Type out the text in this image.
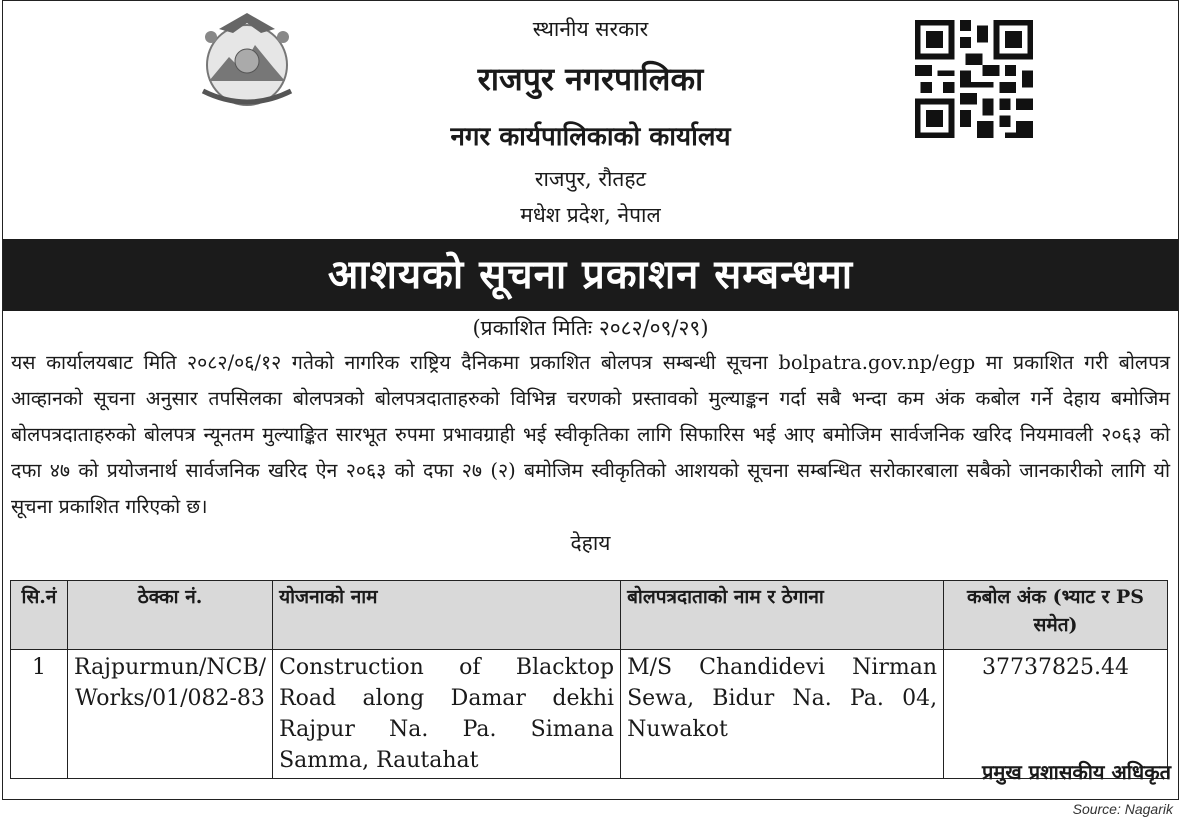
स्थानीय सरकार
राजपुर नगरपालिका
नगर कार्यपालिकाको कार्यालय
राजपुर, रौतहट
मधेश प्रदेश, नेपाल
आशयको सूचना प्रकाशन सम्बन्धमा
(प्रकाशित मितिः २०८२/०९/२९)

यस कार्यालयबाट मिति २०८२/०६/१२ गतेको नागरिक राष्ट्रिय दैनिकमा प्रकाशित बोलपत्र सम्बन्धी सूचना bolpatra.gov.np/egp मा प्रकाशित गरी बोलपत्र आव्हानको सूचना अनुसार तपसिलका बोलपत्रको बोलपत्रदाताहरुको विभिन्न चरणको प्रस्तावको मुल्याङ्कन गर्दा सबै भन्दा कम अंक कबोल गर्ने देहाय बमोजिम बोलपत्रदाताहरुको बोलपत्र न्यूनतम मुल्याङ्कित सारभूत रुपमा प्रभावग्राही भई स्वीकृतिका लागि सिफारिस भई आए बमोजिम सार्वजनिक खरिद नियमावली २०६३ को दफा ४७ को प्रयोजनार्थ सार्वजनिक खरिद ऐन २०६३ को दफा २७ (२) बमोजिम स्वीकृतिको आशयको सूचना सम्बन्धित सरोकारबाला सबैको जानकारीको लागि यो सूचना प्रकाशित गरिएको छ।

देहाय
सि.नं	ठेक्का नं.	योजनाको नाम	बोलपत्रदाताको नाम र ठेगाना	कबोल अंक (भ्याट र PS समेत)
1	Rajpurmun/NCB/ Works/01/082-83	Construction of Blacktop Road along Damar dekhi Rajpur Na. Pa. Simana Samma, Rautahat	M/S Chandidevi Nirman Sewa, Bidur Na. Pa. 04, Nuwakot	37737825.44
प्रमुख प्रशासकीय अधिकृत
Source: Nagarik
